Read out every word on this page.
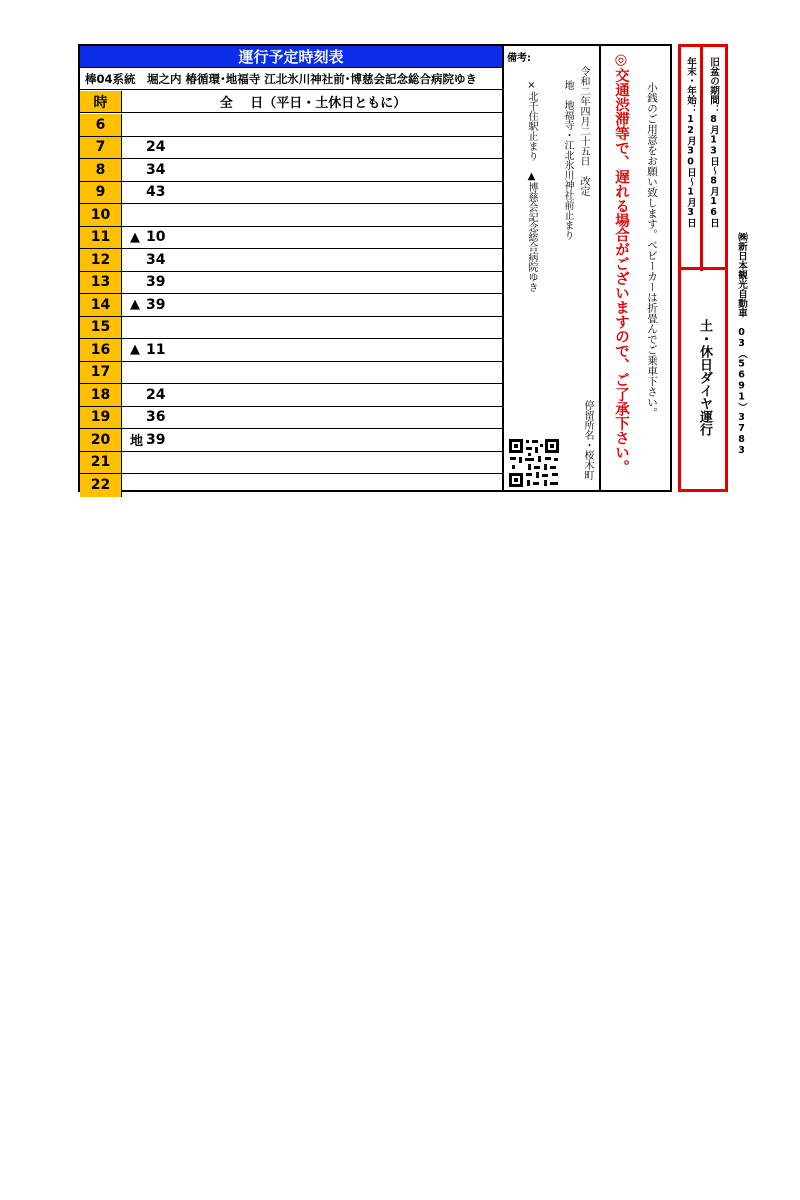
運行予定時刻表
棒04系統　堀之内 椿循環･地福寺 江北氷川神社前･博慈会記念総合病院ゆき
時	全　 日（平日・土休日ともに）
6
7	24
8	34
9	43
10
11	▲ 10
12	34
13	39
14	▲ 39
15
16	▲ 11
17
18	24
19	36
20	地 39
21
22
備考:
令和二年四月二十五日　改定
地　地福寺・江北氷川神社前止まり
×北千住駅止まり　▲博慈会記念総合病院ゆき
停留所名・桜木町
小銭のご用意をお願い致します。ベビーカーは折畳んでご乗車下さい。
◎交通渋滞等で、遅れる場合がございますので、ご了承下さい。	年末・年始：12月30日～1月3日 旧盆の期間：8月13日～8月16日
土・休日ダイヤ運行	㈱新日本観光自動車　03（5691）3783
